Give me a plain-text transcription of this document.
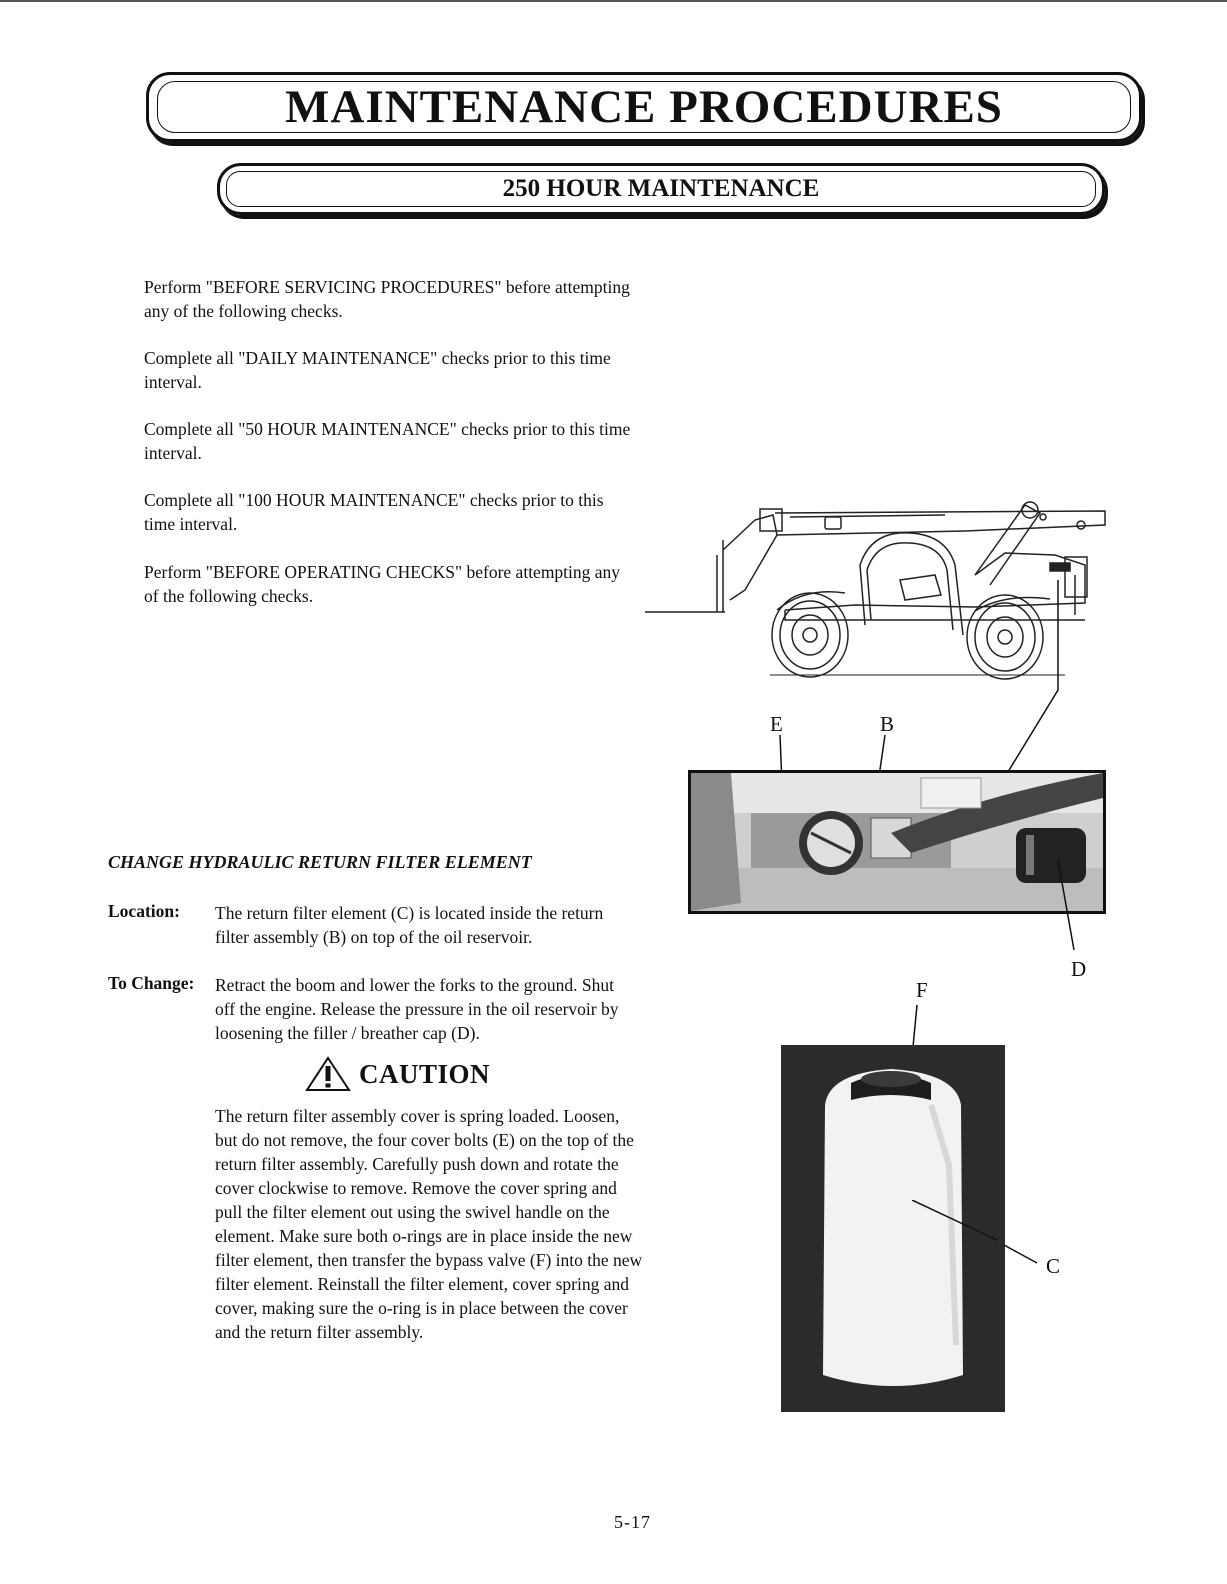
MAINTENANCE PROCEDURES
250 HOUR MAINTENANCE

Perform "BEFORE SERVICING PROCEDURES" before attempting any of the following checks.

Complete all "DAILY MAINTENANCE" checks prior to this time interval.

Complete all "50 HOUR MAINTENANCE" checks prior to this time interval.

Complete all "100 HOUR MAINTENANCE" checks prior to this time interval.

Perform "BEFORE OPERATING CHECKS" before attempting any of the following checks.

CHANGE HYDRAULIC RETURN FILTER ELEMENT
Location: The return filter element (C) is located inside the return filter assembly (B) on top of the oil reservoir.

To Change: Retract the boom and lower the forks to the ground. Shut off the engine. Release the pressure in the oil reservoir by loosening the filler / breather cap (D).

CAUTION

The return filter assembly cover is spring loaded. Loosen, but do not remove, the four cover bolts (E) on the top of the return filter assembly. Carefully push down and rotate the cover clockwise to remove. Remove the cover spring and pull the filter element out using the swivel handle on the element. Make sure both o-rings are in place inside the new filter element, then transfer the bypass valve (F) into the new filter element. Reinstall the filter element, cover spring and cover, making sure the o-ring is in place between the cover and the return filter assembly.

E	B
D
F
C
5-17
